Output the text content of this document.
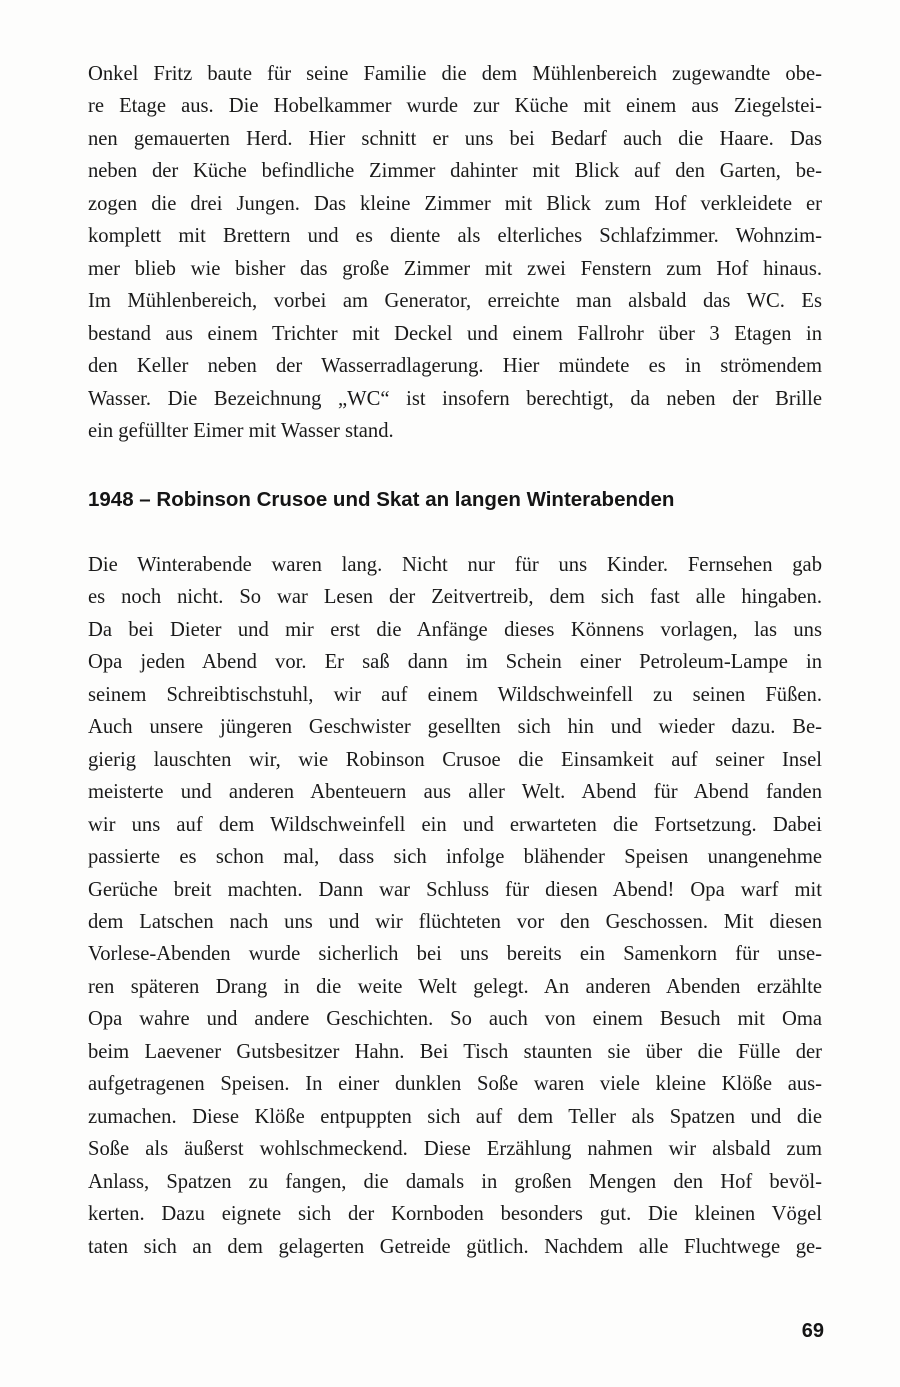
Onkel Fritz baute für seine Familie die dem Mühlenbereich zugewandte obe-
re Etage aus. Die Hobelkammer wurde zur Küche mit einem aus Ziegelstei-
nen gemauerten Herd. Hier schnitt er uns bei Bedarf auch die Haare. Das
neben der Küche befindliche Zimmer dahinter mit Blick auf den Garten, be-
zogen die drei Jungen. Das kleine Zimmer mit Blick zum Hof verkleidete er
komplett mit Brettern und es diente als elterliches Schlafzimmer. Wohnzim-
mer blieb wie bisher das große Zimmer mit zwei Fenstern zum Hof hinaus.
Im Mühlenbereich, vorbei am Generator, erreichte man alsbald das WC. Es
bestand aus einem Trichter mit Deckel und einem Fallrohr über 3 Etagen in
den Keller neben der Wasserradlagerung. Hier mündete es in strömendem
Wasser. Die Bezeichnung „WC“ ist insofern berechtigt, da neben der Brille
ein gefüllter Eimer mit Wasser stand.
1948 – Robinson Crusoe und Skat an langen Winterabenden
Die Winterabende waren lang. Nicht nur für uns Kinder. Fernsehen gab
es noch nicht. So war Lesen der Zeitvertreib, dem sich fast alle hingaben.
Da bei Dieter und mir erst die Anfänge dieses Könnens vorlagen, las uns
Opa jeden Abend vor. Er saß dann im Schein einer Petroleum-Lampe in
seinem Schreibtischstuhl, wir auf einem Wildschweinfell zu seinen Füßen.
Auch unsere jüngeren Geschwister gesellten sich hin und wieder dazu. Be-
gierig lauschten wir, wie Robinson Crusoe die Einsamkeit auf seiner Insel
meisterte und anderen Abenteuern aus aller Welt. Abend für Abend fanden
wir uns auf dem Wildschweinfell ein und erwarteten die Fortsetzung. Dabei
passierte es schon mal, dass sich infolge blähender Speisen unangenehme
Gerüche breit machten. Dann war Schluss für diesen Abend! Opa warf mit
dem Latschen nach uns und wir flüchteten vor den Geschossen. Mit diesen
Vorlese-Abenden wurde sicherlich bei uns bereits ein Samenkorn für unse-
ren späteren Drang in die weite Welt gelegt. An anderen Abenden erzählte
Opa wahre und andere Geschichten. So auch von einem Besuch mit Oma
beim Laevener Gutsbesitzer Hahn. Bei Tisch staunten sie über die Fülle der
aufgetragenen Speisen. In einer dunklen Soße waren viele kleine Klöße aus-
zumachen. Diese Klöße entpuppten sich auf dem Teller als Spatzen und die
Soße als äußerst wohlschmeckend. Diese Erzählung nahmen wir alsbald zum
Anlass, Spatzen zu fangen, die damals in großen Mengen den Hof bevöl-
kerten. Dazu eignete sich der Kornboden besonders gut. Die kleinen Vögel
taten sich an dem gelagerten Getreide gütlich. Nachdem alle Fluchtwege ge-
69
